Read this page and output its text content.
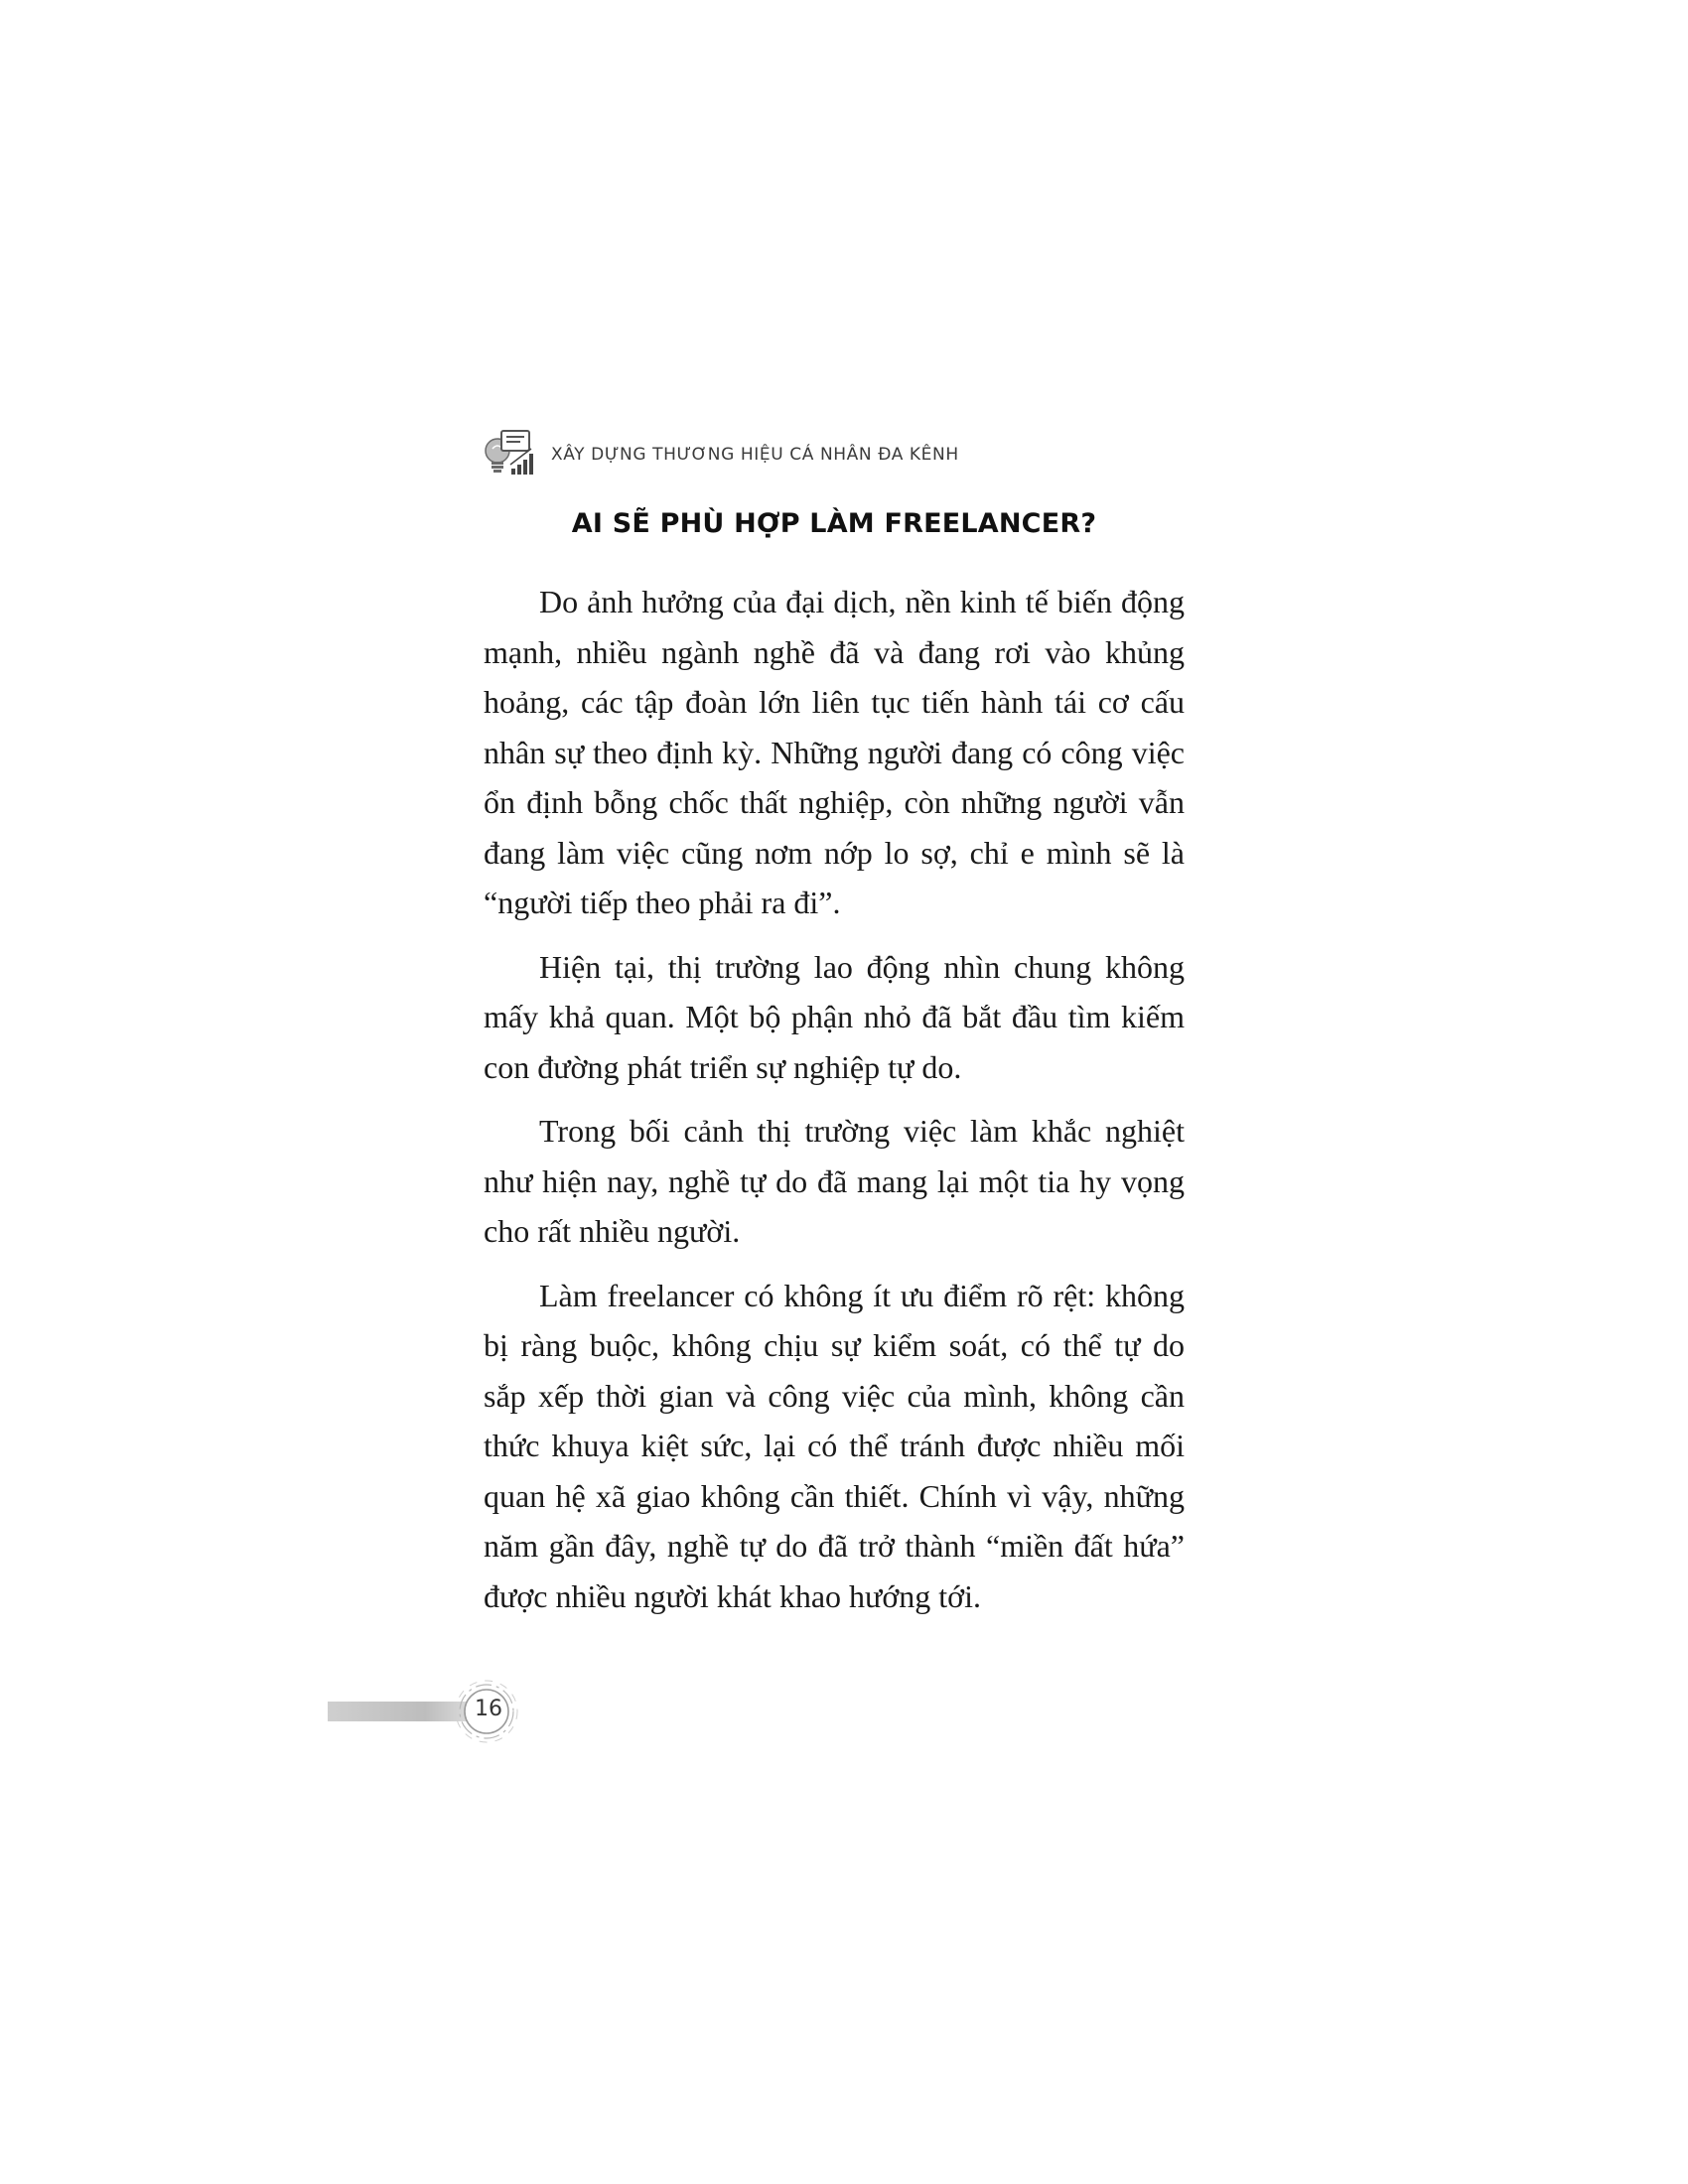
XÂY DỰNG THƯƠNG HIỆU CÁ NHÂN ĐA KÊNH
AI SẼ PHÙ HỢP LÀM FREELANCER?

Do ảnh hưởng của đại dịch, nền kinh tế biến động mạnh, nhiều ngành nghề đã và đang rơi vào khủng hoảng, các tập đoàn lớn liên tục tiến hành tái cơ cấu nhân sự theo định kỳ. Những người đang có công việc ổn định bỗng chốc thất nghiệp, còn những người vẫn đang làm việc cũng nơm nớp lo sợ, chỉ e mình sẽ là “người tiếp theo phải ra đi”.

Hiện tại, thị trường lao động nhìn chung không mấy khả quan. Một bộ phận nhỏ đã bắt đầu tìm kiếm con đường phát triển sự nghiệp tự do.

Trong bối cảnh thị trường việc làm khắc nghiệt như hiện nay, nghề tự do đã mang lại một tia hy vọng cho rất nhiều người.

Làm freelancer có không ít ưu điểm rõ rệt: không bị ràng buộc, không chịu sự kiểm soát, có thể tự do sắp xếp thời gian và công việc của mình, không cần thức khuya kiệt sức, lại có thể tránh được nhiều mối quan hệ xã giao không cần thiết. Chính vì vậy, những năm gần đây, nghề tự do đã trở thành “miền đất hứa” được nhiều người khát khao hướng tới.

16
